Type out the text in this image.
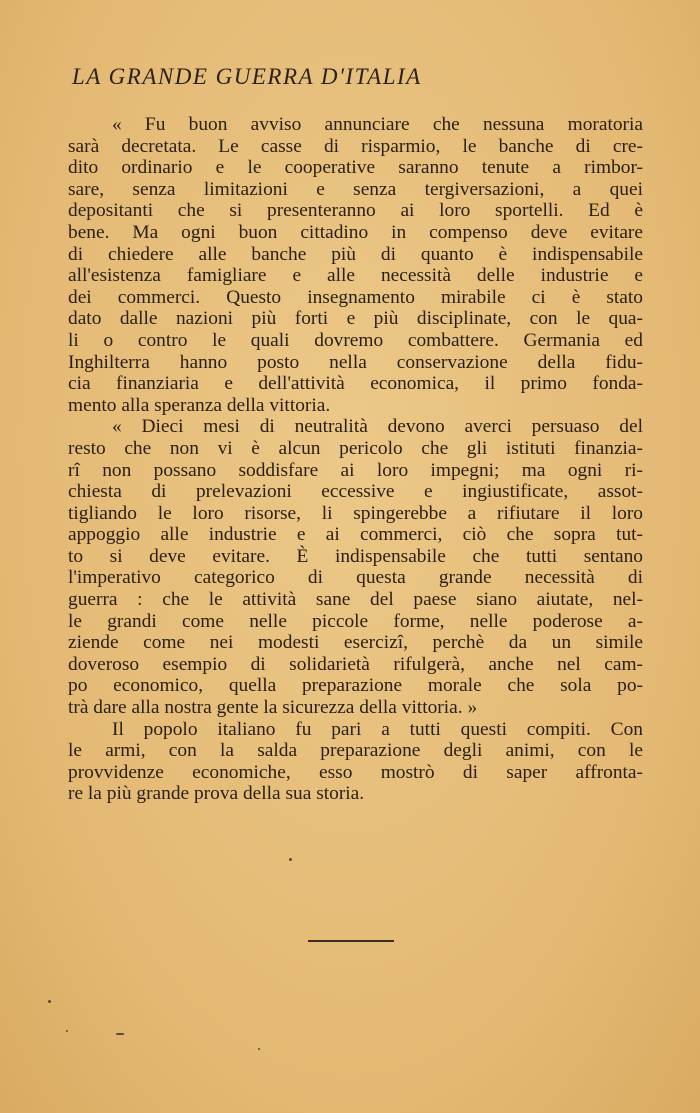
LA GRANDE GUERRA D'ITALIA
« Fu buon avviso annunciare che nessuna moratoria
sarà decretata. Le casse di risparmio, le banche di cre-
dito ordinario e le cooperative saranno tenute a rimbor-
sare, senza limitazioni e senza tergiversazioni, a quei
depositanti che si presenteranno ai loro sportelli. Ed è
bene. Ma ogni buon cittadino in compenso deve evitare
di chiedere alle banche più di quanto è indispensabile
all'esistenza famigliare e alle necessità delle industrie e
dei commerci. Questo insegnamento mirabile ci è stato
dato dalle nazioni più forti e più disciplinate, con le qua-
li o contro le quali dovremo combattere. Germania ed
Inghilterra hanno posto nella conservazione della fidu-
cia finanziaria e dell'attività economica, il primo fonda-
mento alla speranza della vittoria.
« Dieci mesi di neutralità devono averci persuaso del
resto che non vi è alcun pericolo che gli istituti finanzia-
rî non possano soddisfare ai loro impegni; ma ogni ri-
chiesta di prelevazioni eccessive e ingiustificate, assot-
tigliando le loro risorse, li spingerebbe a rifiutare il loro
appoggio alle industrie e ai commerci, ciò che sopra tut-
to si deve evitare. È indispensabile che tutti sentano
l'imperativo categorico di questa grande necessità di
guerra : che le attività sane del paese siano aiutate, nel-
le grandi come nelle piccole forme, nelle poderose a-
ziende come nei modesti esercizî, perchè da un simile
doveroso esempio di solidarietà rifulgerà, anche nel cam-
po economico, quella preparazione morale che sola po-
trà dare alla nostra gente la sicurezza della vittoria. »
Il popolo italiano fu pari a tutti questi compiti. Con
le armi, con la salda preparazione degli animi, con le
provvidenze economiche, esso mostrò di saper affronta-
re la più grande prova della sua storia.
